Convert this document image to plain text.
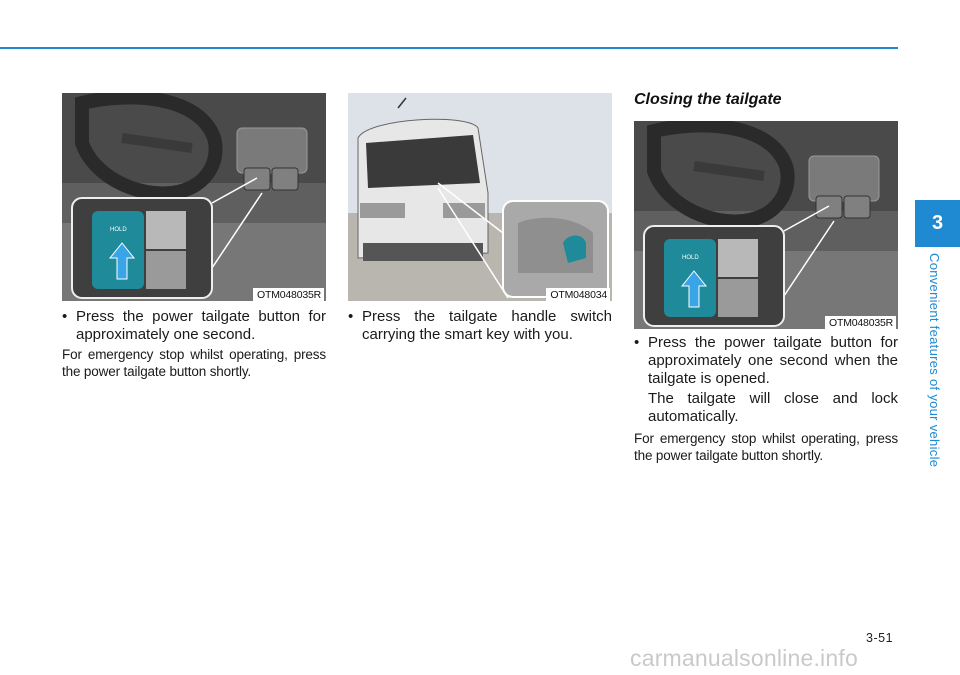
HOLD
OTM048035R	OTM048034
HOLD
OTM048035R
• Press the power tailgate button for approximately one second.
For emergency stop whilst operating, press the power tailgate button shortly.
• Press the tailgate handle switch carrying the smart key with you.
Closing the tailgate
• Press the power tailgate button for approximately one second when the tailgate is opened.
The tailgate will close and lock automatically.
For emergency stop whilst operating, press the power tailgate button shortly.
3
Convenient features of your vehicle
3-51
carmanualsonline.info
